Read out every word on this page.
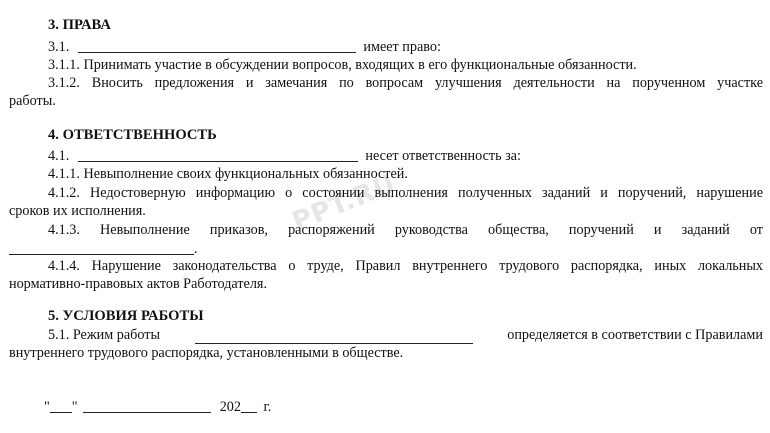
PPT.RU
3. ПРАВА
3.1.	имеет право:
3.1.1. Принимать участие в обсуждении вопросов, входящих в его функциональные обязанности.
3.1.2. Вносить предложения и замечания по вопросам улучшения деятельности на порученном участке
работы.
4. ОТВЕТСТВЕННОСТЬ
4.1.	несет ответственность за:
4.1.1. Невыполнение своих функциональных обязанностей.
4.1.2. Недостоверную информацию о состоянии выполнения полученных заданий и поручений, нарушение
сроков их исполнения.
4.1.3. Невыполнение приказов, распоряжений руководства общества, поручений и заданий от
.
4.1.4. Нарушение законодательства о труде, Правил внутреннего трудового распорядка, иных локальных
нормативно-правовых актов Работодателя.
5. УСЛОВИЯ РАБОТЫ
5.1. Режим работы	определяется в соответствии с Правилами
внутреннего трудового распорядка, установленными в обществе.
" "	202 г.
